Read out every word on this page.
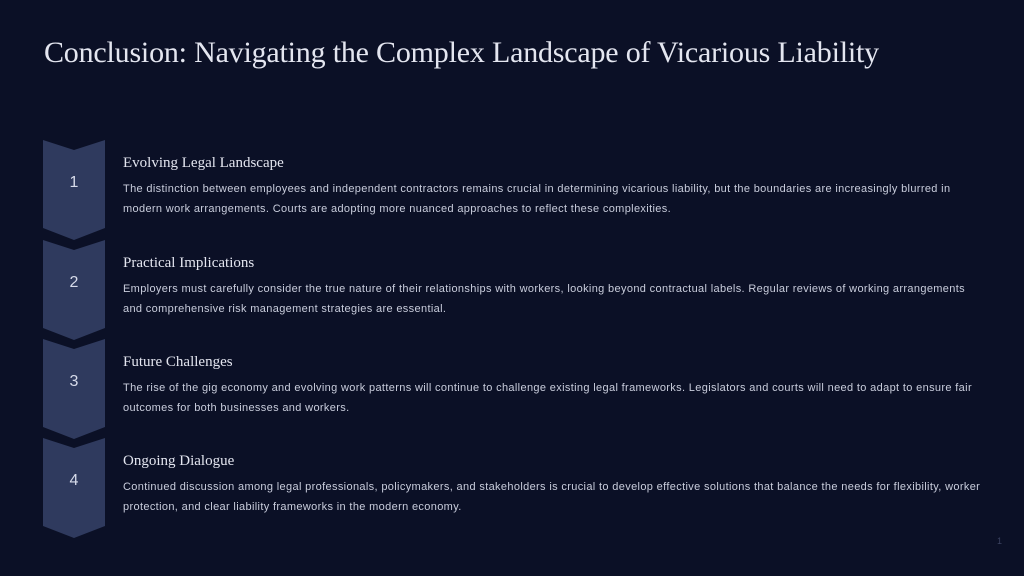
Conclusion: Navigating the Complex Landscape of Vicarious Liability
1
Evolving Legal Landscape

The distinction between employees and independent contractors remains crucial in determining vicarious liability, but the boundaries are increasingly blurred in modern work arrangements. Courts are adopting more nuanced approaches to reflect these complexities.

2
Practical Implications

Employers must carefully consider the true nature of their relationships with workers, looking beyond contractual labels. Regular reviews of working arrangements and comprehensive risk management strategies are essential.

3
Future Challenges

The rise of the gig economy and evolving work patterns will continue to challenge existing legal frameworks. Legislators and courts will need to adapt to ensure fair outcomes for both businesses and workers.

4
Ongoing Dialogue

Continued discussion among legal professionals, policymakers, and stakeholders is crucial to develop effective solutions that balance the needs for flexibility, worker protection, and clear liability frameworks in the modern economy.

1
